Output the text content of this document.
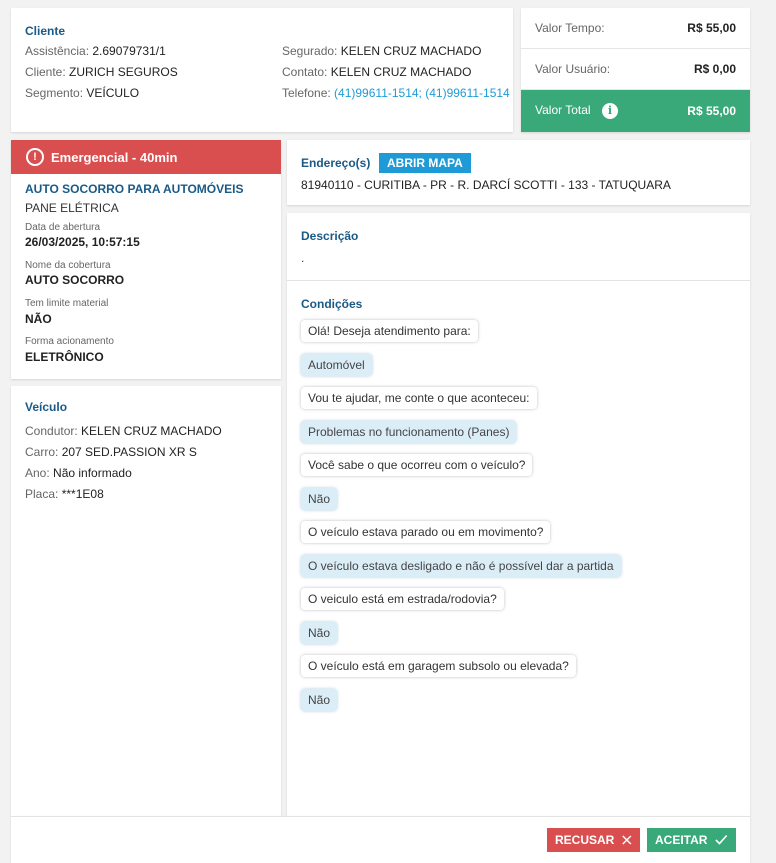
Cliente
Assistência: 2.69079731/1
Cliente: ZURICH SEGUROS
Segmento: VEÍCULO
Segurado: KELEN CRUZ MACHADO
Contato: KELEN CRUZ MACHADO
Telefone: (41)99611-1514; (41)99611-1514
Valor Tempo:	R$ 55,00
Valor Usuário:	R$ 0,00
Valor Total i	R$ 55,00
!	Emergencial - 40min
AUTO SOCORRO PARA AUTOMÓVEIS
PANE ELÉTRICA
Data de abertura
26/03/2025, 10:57:15
Nome da cobertura
AUTO SOCORRO
Tem limite material
NÃO
Forma acionamento
ELETRÔNICO
Veículo
Condutor: KELEN CRUZ MACHADO
Carro: 207 SED.PASSION XR S
Ano: Não informado
Placa: ***1E08
Endereço(s)	ABRIR MAPA
81940110 - CURITIBA - PR - R. DARCÍ SCOTTI - 133 - TATUQUARA
Descrição
.
Condições
Olá! Deseja atendimento para:
Automóvel
Vou te ajudar, me conte o que aconteceu:
Problemas no funcionamento (Panes)
Você sabe o que ocorreu com o veículo?
Não
O veículo estava parado ou em movimento?
O veículo estava desligado e não é possível dar a partida
O veiculo está em estrada/rodovia?
Não
O veículo está em garagem subsolo ou elevada?
Não
RECUSAR	ACEITAR
